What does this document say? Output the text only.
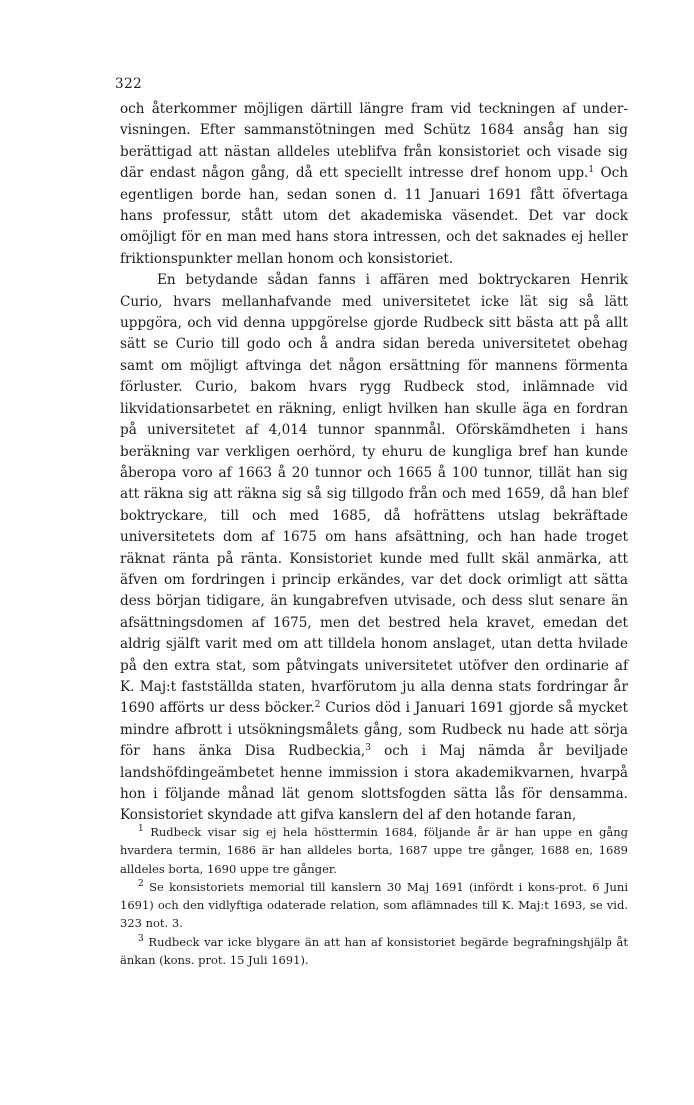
322

och återkommer möjligen därtill längre fram vid teckningen af undervisningen. Efter sammanstötningen med Schütz 1684 ansåg han sig berättigad att nästan alldeles uteblifva från konsistoriet och visade sig där endast någon gång, då ett speciellt intresse dref honom upp.$^1$ Och egentligen borde han, sedan sonen d. 11 Januari 1691 fått öfvertaga hans professur, stått utom det akademiska väsendet. Det var dock omöjligt för en man med hans stora intressen, och det saknades ej heller friktionspunkter mellan honom och konsistoriet.

En betydande sådan fanns i affären med boktryckaren Henrik Curio, hvars mellanhafvande med universitetet icke lät sig så lätt uppgöra, och vid denna uppgörelse gjorde Rudbeck sitt bästa att på allt sätt se Curio till godo och å andra sidan bereda universitetet obehag samt om möjligt aftvinga det någon ersättning för mannens förmenta förluster. Curio, bakom hvars rygg Rudbeck stod, inlämnade vid likvidationsarbetet en räkning, enligt hvilken han skulle äga en fordran på universitetet af 4,014 tunnor spannmål. Oförskämdheten i hans beräkning var verkligen oerhörd, ty ehuru de kungliga bref han kunde åberopa voro af 1663 å 20 tunnor och 1665 å 100 tunnor, tillät han sig att räkna sig att räkna sig så sig tillgodo från och med 1659, då han blef boktryckare, till och med 1685, då hofrättens utslag bekräftade universitetets dom af 1675 om hans afsättning, och han hade troget räknat ränta på ränta. Konsistoriet kunde med fullt skäl anmärka, att äfven om fordringen i princip erkändes, var det dock orimligt att sätta dess början tidigare, än kungabrefven utvisade, och dess slut senare än afsättningsdomen af 1675, men det bestred hela kravet, emedan det aldrig själft varit med om att tilldela honom anslaget, utan detta hvilade på den extra stat, som påtvingats universitetet utöfver den ordinarie af K. Maj:t fastställda staten, hvarförutom ju alla denna stats fordringar år 1690 afförts ur dess böcker.$^2$ Curios död i Januari 1691 gjorde så mycket mindre afbrott i utsökningsmålets gång, som Rudbeck nu hade att sörja för hans änka Disa Rudbeckia,$^3$ och i Maj nämda år beviljade landshöfdingeämbetet henne immission i stora akademikvarnen, hvarpå hon i följande månad lät genom slottsfogden sätta lås för densamma. Konsistoriet skyndade att gifva kanslern del af den hotande faran,

$^1$ Rudbeck visar sig ej hela hösttermin 1684, följande år är han uppe en gång hvardera termin, 1686 är han alldeles borta, 1687 uppe tre gånger, 1688 en, 1689 alldeles borta, 1690 uppe tre gånger.

$^2$ Se konsistoriets memorial till kanslern 30 Maj 1691 (infördt i kons-prot. 6 Juni 1691) och den vidlyftiga odaterade relation, som aflämnades till K. Maj:t 1693, se vid. 323 not. 3.

$^3$ Rudbeck var icke blygare än att han af konsistoriet begärde begrafningshjälp åt änkan (kons. prot. 15 Juli 1691).
